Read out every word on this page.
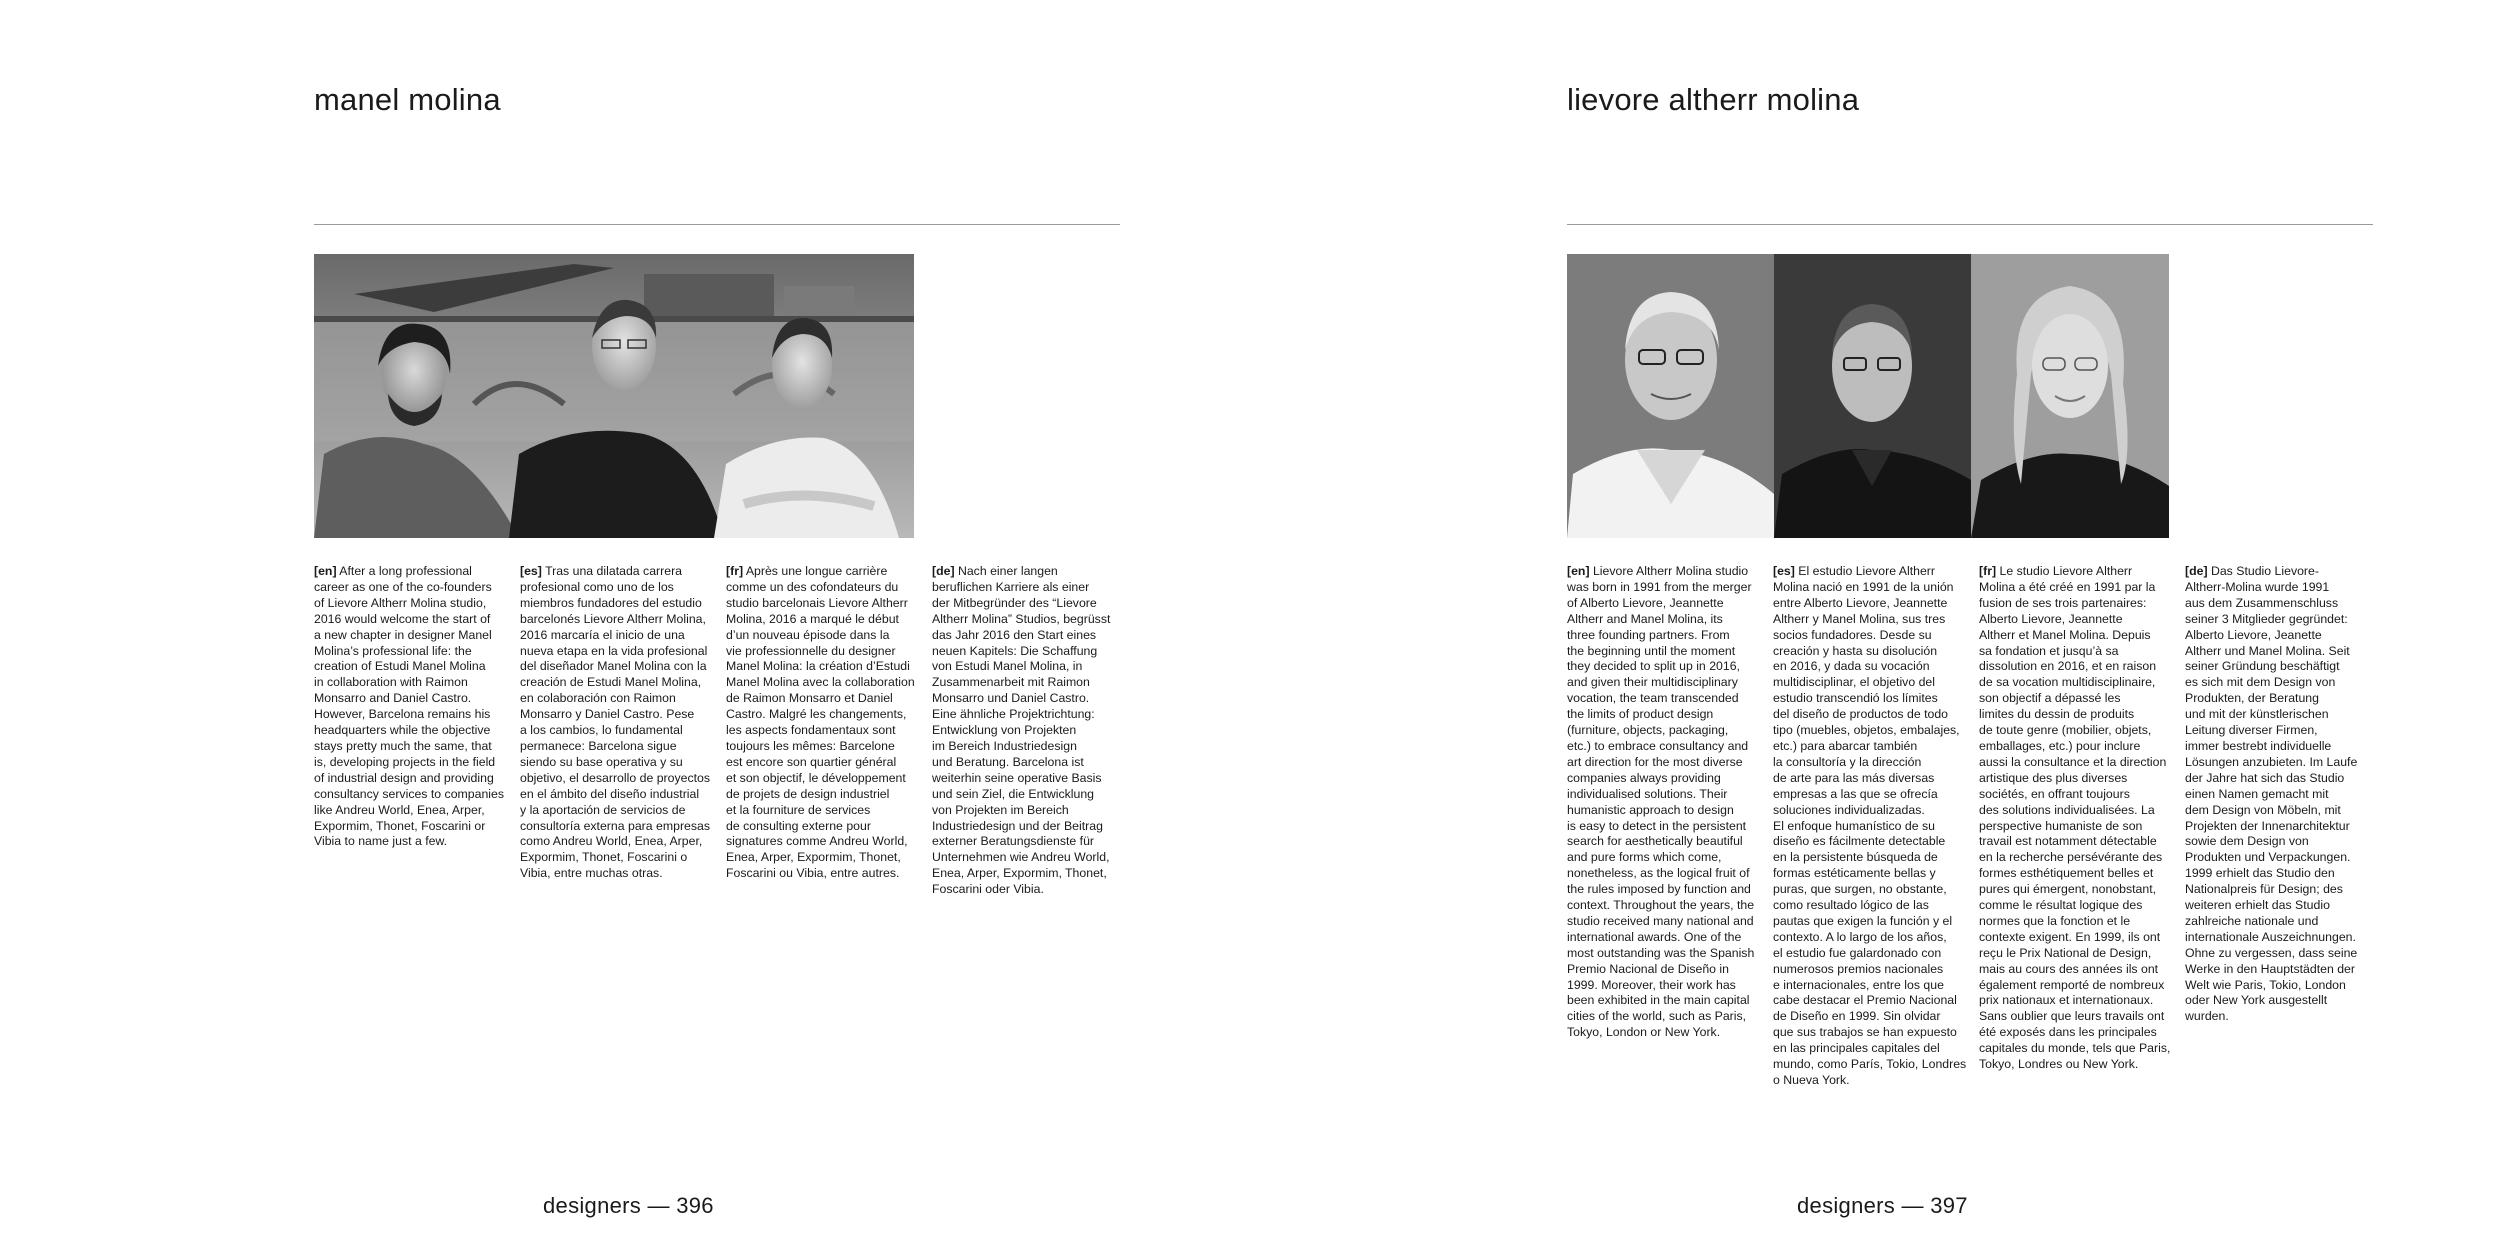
manel molina
[en] After a long professional
career as one of the co-founders
of Lievore Altherr Molina studio,
2016 would welcome the start of
a new chapter in designer Manel
Molina’s professional life: the
creation of Estudi Manel Molina
in collaboration with Raimon
Monsarro and Daniel Castro.
However, Barcelona remains his
headquarters while the objective
stays pretty much the same, that
is, developing projects in the field
of industrial design and providing
consultancy services to companies
like Andreu World, Enea, Arper,
Expormim, Thonet, Foscarini or
Vibia to name just a few.
[es] Tras una dilatada carrera
profesional como uno de los
miembros fundadores del estudio
barcelonés Lievore Altherr Molina,
2016 marcaría el inicio de una
nueva etapa en la vida profesional
del diseñador Manel Molina con la
creación de Estudi Manel Molina,
en colaboración con Raimon
Monsarro y Daniel Castro. Pese
a los cambios, lo fundamental
permanece: Barcelona sigue
siendo su base operativa y su
objetivo, el desarrollo de proyectos
en el ámbito del diseño industrial
y la aportación de servicios de
consultoría externa para empresas
como Andreu World, Enea, Arper,
Expormim, Thonet, Foscarini o
Vibia, entre muchas otras.
[fr] Après une longue carrière
comme un des cofondateurs du
studio barcelonais Lievore Altherr
Molina, 2016 a marqué le début
d’un nouveau épisode dans la
vie professionnelle du designer
Manel Molina: la création d’Estudi
Manel Molina avec la collaboration
de Raimon Monsarro et Daniel
Castro. Malgré les changements,
les aspects fondamentaux sont
toujours les mêmes: Barcelone
est encore son quartier général
et son objectif, le développement
de projets de design industriel
et la fourniture de services
de consulting externe pour
signatures comme Andreu World,
Enea, Arper, Expormim, Thonet,
Foscarini ou Vibia, entre autres.
[de] Nach einer langen
beruflichen Karriere als einer
der Mitbegründer des “Lievore
Altherr Molina” Studios, begrüsst
das Jahr 2016 den Start eines
neuen Kapitels: Die Schaffung
von Estudi Manel Molina, in
Zusammenarbeit mit Raimon
Monsarro und Daniel Castro.
Eine ähnliche Projektrichtung:
Entwicklung von Projekten
im Bereich Industriedesign
und Beratung. Barcelona ist
weiterhin seine operative Basis
und sein Ziel, die Entwicklung
von Projekten im Bereich
Industriedesign und der Beitrag
externer Beratungsdienste für
Unternehmen wie Andreu World,
Enea, Arper, Expormim, Thonet,
Foscarini oder Vibia.
designers — 396
lievore altherr molina
[en] Lievore Altherr Molina studio
was born in 1991 from the merger
of Alberto Lievore, Jeannette
Altherr and Manel Molina, its
three founding partners. From
the beginning until the moment
they decided to split up in 2016,
and given their multidisciplinary
vocation, the team transcended
the limits of product design
(furniture, objects, packaging,
etc.) to embrace consultancy and
art direction for the most diverse
companies always providing
individualised solutions. Their
humanistic approach to design
is easy to detect in the persistent
search for aesthetically beautiful
and pure forms which come,
nonetheless, as the logical fruit of
the rules imposed by function and
context. Throughout the years, the
studio received many national and
international awards. One of the
most outstanding was the Spanish
Premio Nacional de Diseño in
1999. Moreover, their work has
been exhibited in the main capital
cities of the world, such as Paris,
Tokyo, London or New York.
[es] El estudio Lievore Altherr
Molina nació en 1991 de la unión
entre Alberto Lievore, Jeannette
Altherr y Manel Molina, sus tres
socios fundadores. Desde su
creación y hasta su disolución
en 2016, y dada su vocación
multidisciplinar, el objetivo del
estudio transcendió los límites
del diseño de productos de todo
tipo (muebles, objetos, embalajes,
etc.) para abarcar también
la consultoría y la dirección
de arte para las más diversas
empresas a las que se ofrecía
soluciones individualizadas.
El enfoque humanístico de su
diseño es fácilmente detectable
en la persistente búsqueda de
formas estéticamente bellas y
puras, que surgen, no obstante,
como resultado lógico de las
pautas que exigen la función y el
contexto. A lo largo de los años,
el estudio fue galardonado con
numerosos premios nacionales
e internacionales, entre los que
cabe destacar el Premio Nacional
de Diseño en 1999. Sin olvidar
que sus trabajos se han expuesto
en las principales capitales del
mundo, como París, Tokio, Londres
o Nueva York.
[fr] Le studio Lievore Altherr
Molina a été créé en 1991 par la
fusion de ses trois partenaires:
Alberto Lievore, Jeannette
Altherr et Manel Molina. Depuis
sa fondation et jusqu’à sa
dissolution en 2016, et en raison
de sa vocation multidisciplinaire,
son objectif a dépassé les
limites du dessin de produits
de toute genre (mobilier, objets,
emballages, etc.) pour inclure
aussi la consultance et la direction
artistique des plus diverses
sociétés, en offrant toujours
des solutions individualisées. La
perspective humaniste de son
travail est notamment détectable
en la recherche persévérante des
formes esthétiquement belles et
pures qui émergent, nonobstant,
comme le résultat logique des
normes que la fonction et le
contexte exigent. En 1999, ils ont
reçu le Prix National de Design,
mais au cours des années ils ont
également remporté de nombreux
prix nationaux et internationaux.
Sans oublier que leurs travails ont
été exposés dans les principales
capitales du monde, tels que Paris,
Tokyo, Londres ou New York.
[de] Das Studio Lievore-
Altherr-Molina wurde 1991
aus dem Zusammenschluss
seiner 3 Mitglieder gegründet:
Alberto Lievore, Jeanette
Altherr und Manel Molina. Seit
seiner Gründung beschäftigt
es sich mit dem Design von
Produkten, der Beratung
und mit der künstlerischen
Leitung diverser Firmen,
immer bestrebt individuelle
Lösungen anzubieten. Im Laufe
der Jahre hat sich das Studio
einen Namen gemacht mit
dem Design von Möbeln, mit
Projekten der Innenarchitektur
sowie dem Design von
Produkten und Verpackungen.
1999 erhielt das Studio den
Nationalpreis für Design; des
weiteren erhielt das Studio
zahlreiche nationale und
internationale Auszeichnungen.
Ohne zu vergessen, dass seine
Werke in den Hauptstädten der
Welt wie Paris, Tokio, London
oder New York ausgestellt
wurden.
designers — 397
